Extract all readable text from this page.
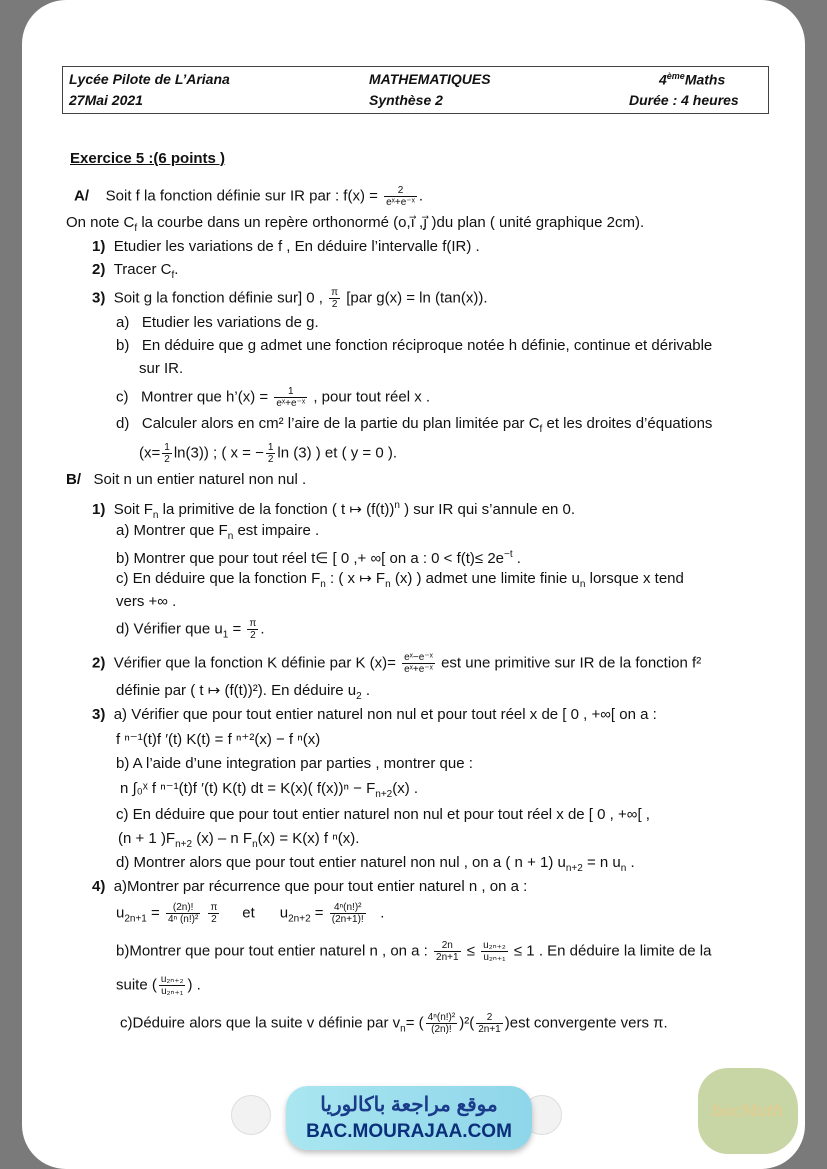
Lycée Pilote de L’Ariana	MATHEMATIQUES	4èmeMaths
27Mai 2021	Synthèse 2	Durée : 4 heures
Exercice 5 :(6 points )
A/ Soit f la fonction définie sur IR par : $f(x) = \frac{2}{\text{eˣ+e⁻ˣ}}$ .
On note $C_f$ la courbe dans un repère orthonormé (o,i⃗ ,j⃗ )du plan ( unité graphique 2cm).
1) Etudier les variations de f , En déduire l’intervalle f(IR) .
2) Tracer $C_f$.
3) Soit g la fonction définie sur] 0 , $\frac{\pi}{2} [par$ g(x) = ln (tan(x)).
a) Etudier les variations de g.
b) En déduire que g admet une fonction réciproque notée h définie, continue et dérivable
sur IR.
c) Montrer que h’(x) = $\frac{1}{\text{eˣ+e⁻ˣ}}$ , pour tout réel x .
d) Calculer alors en cm² l’aire de la partie du plan limitée par $C_f$ et les droites d’équations
$(x= \frac{1}{2} \ln(3))$ ; ( x = − $\frac{1}{2}$ ln (3) ) et ( y = 0 ).
B/ Soit n un entier naturel non nul .
1) Soit $F_n$ la primitive de la fonction ( t ↦ $(f(t))^n$ ) sur IR qui s’annule en 0.
a) Montrer que $F_n$ est impaire .
b) Montrer que pour tout réel t∈ [ 0 ,+ ∞[ on a : $0 < f(t)\le 2e^{-t}$ .
c) En déduire que la fonction $F_n$ : ( x ↦ $F_n$ (x) ) admet une limite finie $u_n$ lorsque x tend
vers +∞ .
d) Vérifier que $u_1 = \frac{\pi}{2}$ .
2) Vérifier que la fonction K définie par K $(x)= \frac{\text{eˣ−e⁻ˣ}}{\text{eˣ+e⁻ˣ}}$ est une primitive sur IR de la fonction f²
définie par ( t ↦ (f(t))²). En déduire $u_2$ .
3) a) Vérifier que pour tout entier naturel non nul et pour tout réel x de [ 0 , +∞[ on a :
f ⁿ⁻¹(t)f ′(t) K(t) = f ⁿ⁺²(x) − f ⁿ(x)
b) A l’aide d’une integration par parties , montrer que :
n ∫₀ˣ f ⁿ⁻¹(t)f ′(t) K(t) dt = K(x)( $f(x))^n - F_{n+2}(x)$ .
c) En déduire que pour tout entier naturel non nul et pour tout réel x de [ 0 , +∞[ ,
(n + 1 )$F_{n+2}$ (x) – n $F_n(x) = K(x)$ f ⁿ(x).
d) Montrer alors que pour tout entier naturel non nul , on a ( n + 1) $u_{n+2} = n$ $u_n$ .
4) a)Montrer par récurrence que pour tout entier naturel n , on a :
$u_{2n+1} = \frac{(2n)!}{\text{4ⁿ (n!)²}}$
$\frac{\pi}{2}$ et $u_{2n+2} = \frac{\text{4ⁿ(n!)²}}{(2n+1)!}$ .
b)Montrer que pour tout entier naturel n , on a : $\frac{2n}{2n+1} \le \frac{\text{u₂ₙ₊₂}}{\text{u₂ₙ₊₁}} \le 1$ . En déduire la limite de la
suite ( $\frac{\text{u₂ₙ₊₂}}{\text{u₂ₙ₊₁}}$ ) .
c)Déduire alors que la suite v définie par $v_n=$ ( $\frac{\text{4ⁿ(n!)²}}{(2n)!} )^2( \frac{2}{2n+1} )est$ convergente vers π.
موقع مراجعة باكالوريا
BAC.MOURAJAA.COM
bacMath
